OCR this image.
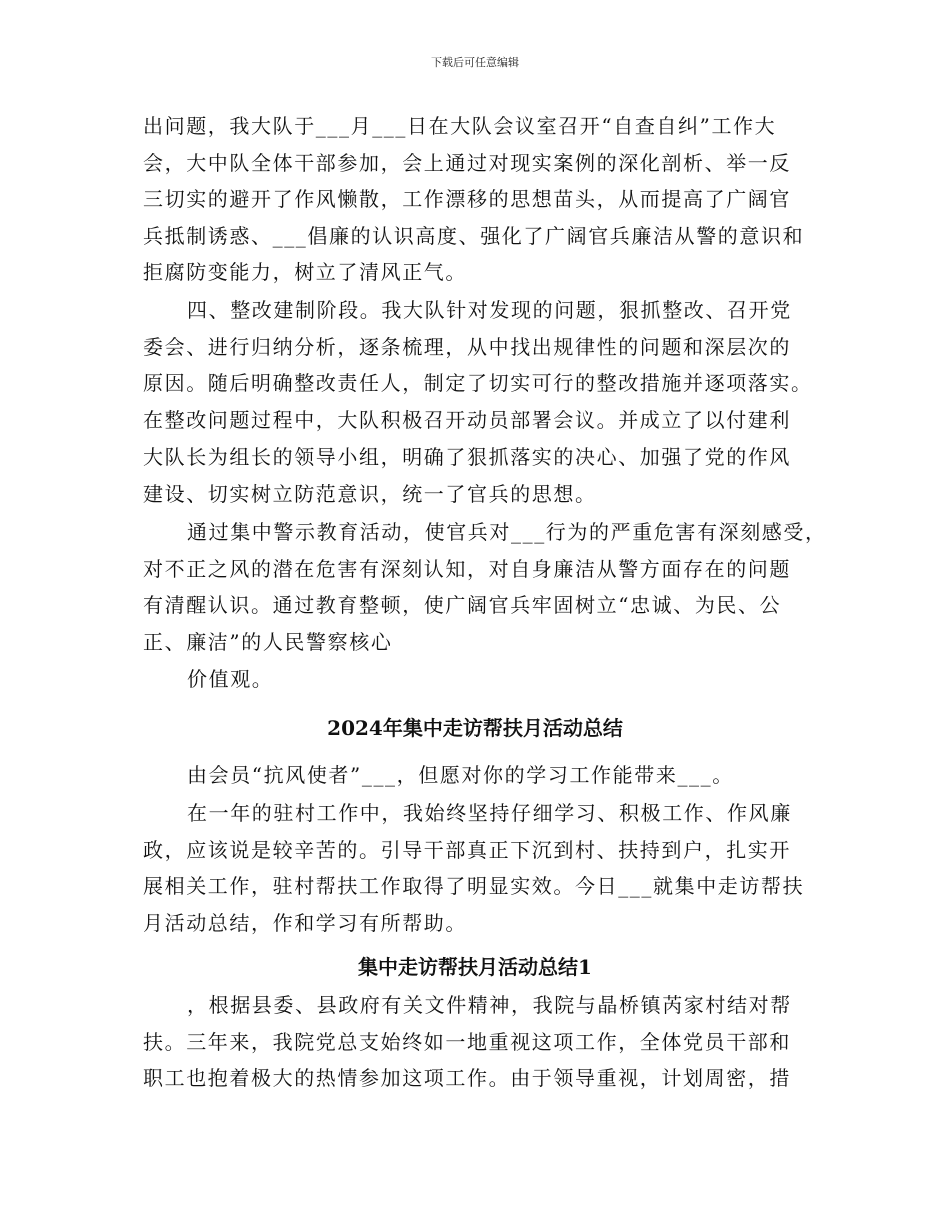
下载后可任意编辑
出问题，我大队于___月___日在大队会议室召开“自查自纠”工作大
会，大中队全体干部参加，会上通过对现实案例的深化剖析、举一反
三切实的避开了作风懒散，工作漂移的思想苗头，从而提高了广阔官
兵抵制诱惑、___倡廉的认识高度、强化了广阔官兵廉洁从警的意识和
拒腐防变能力，树立了清风正气。
四、整改建制阶段。我大队针对发现的问题，狠抓整改、召开党
委会、进行归纳分析，逐条梳理，从中找出规律性的问题和深层次的
原因。随后明确整改责任人，制定了切实可行的整改措施并逐项落实。
在整改问题过程中，大队积极召开动员部署会议。并成立了以付建利
大队长为组长的领导小组，明确了狠抓落实的决心、加强了党的作风
建设、切实树立防范意识，统一了官兵的思想。
通过集中警示教育活动，使官兵对___行为的严重危害有深刻感受，
对不正之风的潜在危害有深刻认知，对自身廉洁从警方面存在的问题
有清醒认识。通过教育整顿，使广阔官兵牢固树立“忠诚、为民、公
正、廉洁”的人民警察核心
价值观。
2024年集中走访帮扶月活动总结
由会员“抗风使者”___，但愿对你的学习工作能带来___。
在一年的驻村工作中，我始终坚持仔细学习、积极工作、作风廉
政，应该说是较辛苦的。引导干部真正下沉到村、扶持到户，扎实开
展相关工作，驻村帮扶工作取得了明显实效。今日___就集中走访帮扶
月活动总结，作和学习有所帮助。
集中走访帮扶月活动总结1
，根据县委、县政府有关文件精神，我院与晶桥镇芮家村结对帮
扶。三年来，我院党总支始终如一地重视这项工作，全体党员干部和
职工也抱着极大的热情参加这项工作。由于领导重视，计划周密，措
